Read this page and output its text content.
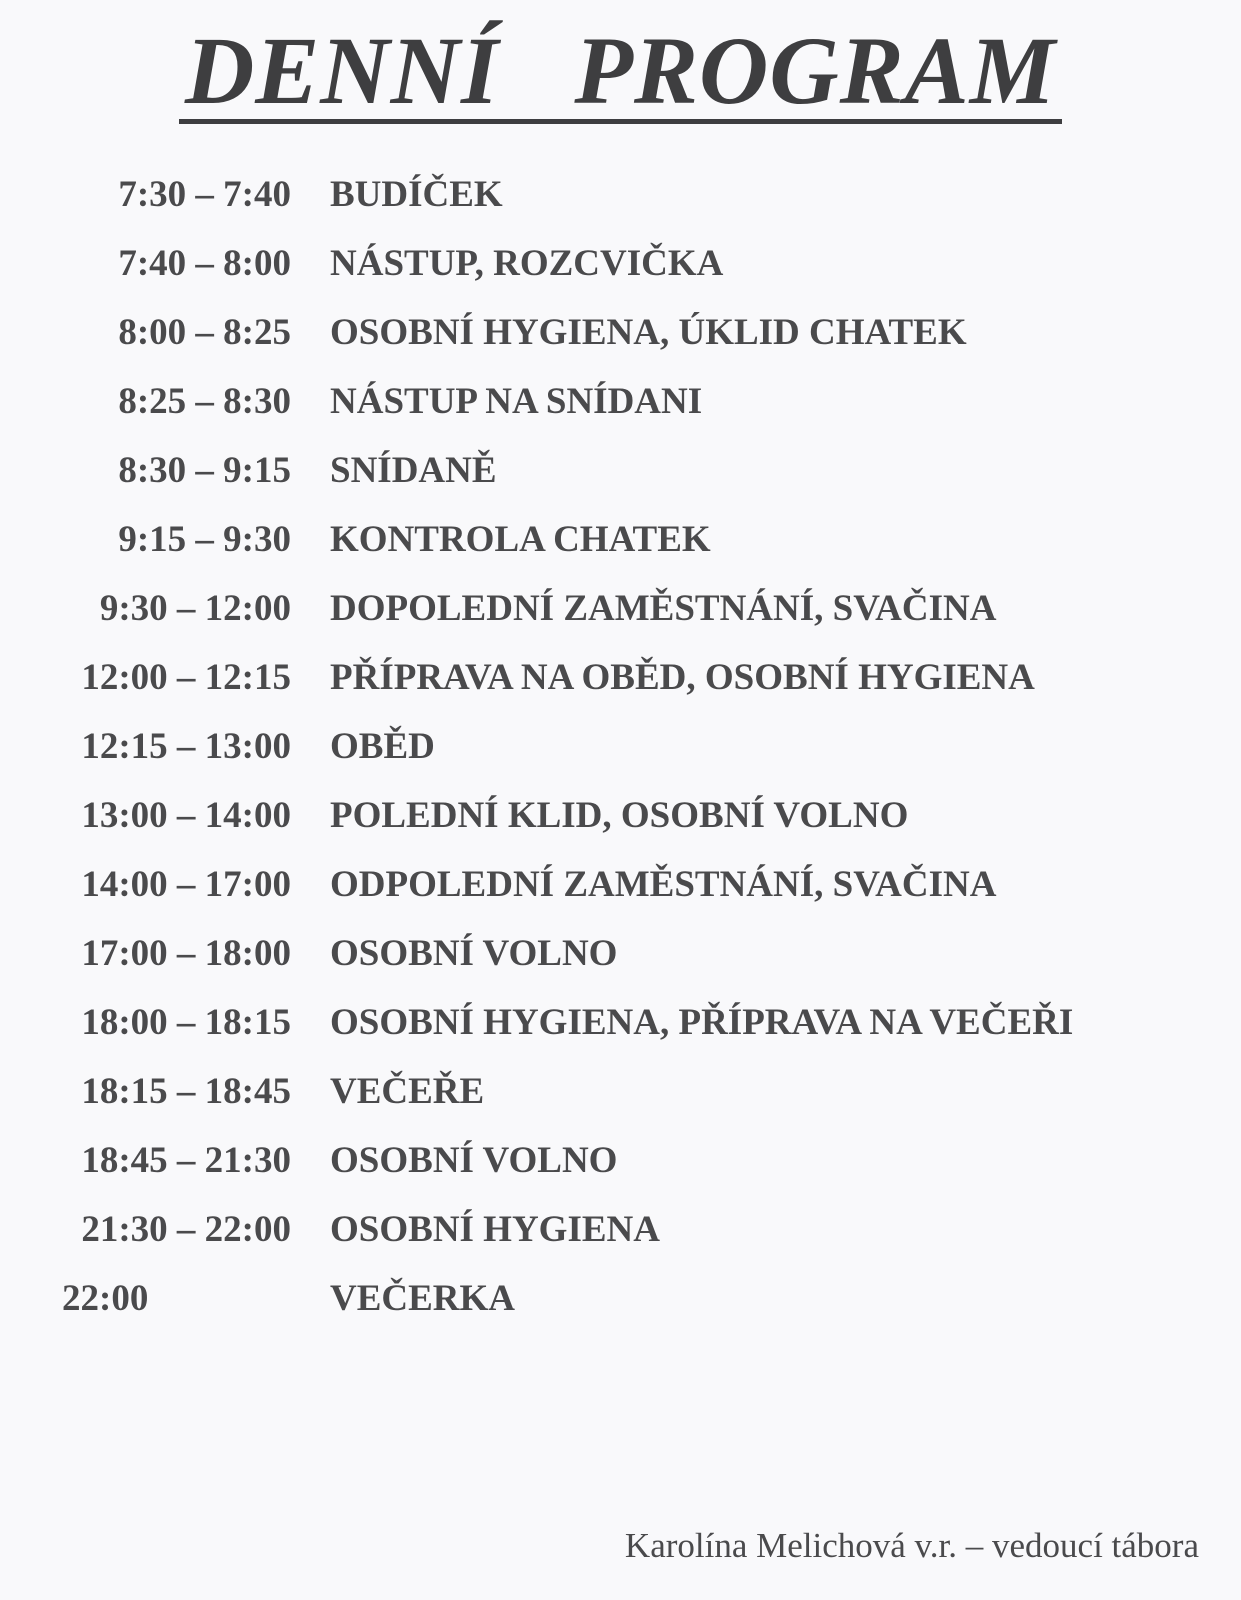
DENNÍ   PROGRAM
7:30 – 7:40 BUDÍČEK
7:40 – 8:00 NÁSTUP, ROZCVIČKA
8:00 – 8:25 OSOBNÍ HYGIENA, ÚKLID CHATEK
8:25 – 8:30 NÁSTUP NA SNÍDANI
8:30 – 9:15 SNÍDANĚ
9:15 – 9:30 KONTROLA CHATEK
9:30 – 12:00 DOPOLEDNÍ ZAMĚSTNÁNÍ, SVAČINA
12:00 – 12:15 PŘÍPRAVA NA OBĚD, OSOBNÍ HYGIENA
12:15 – 13:00 OBĚD
13:00 – 14:00 POLEDNÍ KLID, OSOBNÍ VOLNO
14:00 – 17:00 ODPOLEDNÍ ZAMĚSTNÁNÍ, SVAČINA
17:00 – 18:00 OSOBNÍ VOLNO
18:00 – 18:15 OSOBNÍ HYGIENA, PŘÍPRAVA NA VEČEŘI
18:15 – 18:45 VEČEŘE
18:45 – 21:30 OSOBNÍ VOLNO
21:30 – 22:00 OSOBNÍ HYGIENA
22:00	VEČERKA
Karolína Melichová v.r. – vedoucí tábora
